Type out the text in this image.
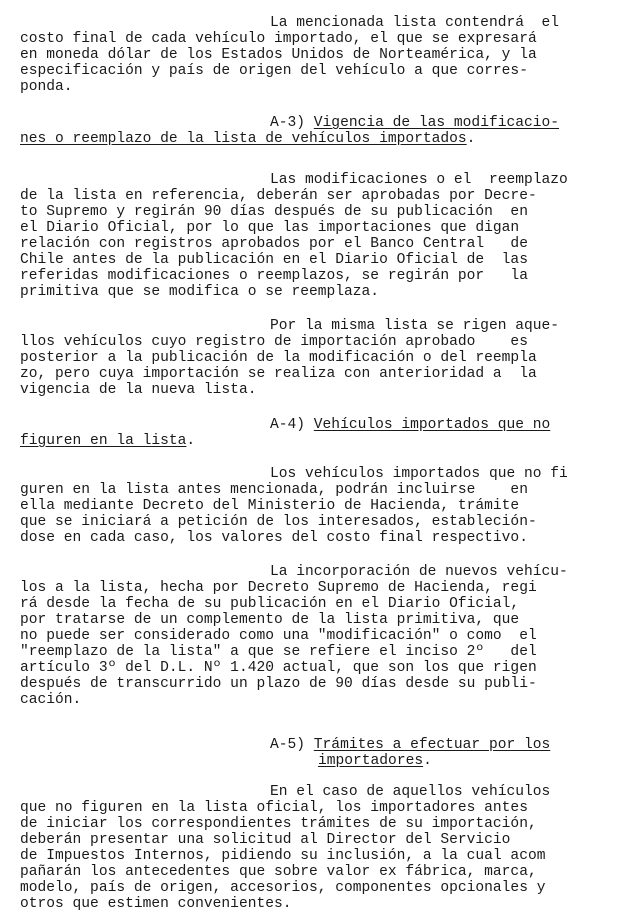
La mencionada lista contendrá  el

costo final de cada vehículo importado, el que se expresará

en moneda dólar de los Estados Unidos de Norteamérica, y la

especificación y país de origen del vehículo a que corres-

ponda.

A-3) Vigencia de las modificacio-

nes o reemplazo de la lista de vehículos importados.

Las modificaciones o el  reemplazo

de la lista en referencia, deberán ser aprobadas por Decre-

to Supremo y regirán 90 días después de su publicación  en

el Diario Oficial, por lo que las importaciones que digan

relación con registros aprobados por el Banco Central   de

Chile antes de la publicación en el Diario Oficial de  las

referidas modificaciones o reemplazos, se regirán por   la

primitiva que se modifica o se reemplaza.

Por la misma lista se rigen aque-

llos vehículos cuyo registro de importación aprobado    es

posterior a la publicación de la modificación o del reempla

zo, pero cuya importación se realiza con anterioridad a  la

vigencia de la nueva lista.

A-4) Vehículos importados que no

figuren en la lista.

Los vehículos importados que no fi

guren en la lista antes mencionada, podrán incluirse    en

ella mediante Decreto del Ministerio de Hacienda, trámite

que se iniciará a petición de los interesados, estableción-

dose en cada caso, los valores del costo final respectivo.

La incorporación de nuevos vehícu-

los a la lista, hecha por Decreto Supremo de Hacienda, regi

rá desde la fecha de su publicación en el Diario Oficial,

por tratarse de un complemento de la lista primitiva, que

no puede ser considerado como una "modificación" o como  el

"reemplazo de la lista" a que se refiere el inciso 2º   del

artículo 3º del D.L. Nº 1.420 actual, que son los que rigen

después de transcurrido un plazo de 90 días desde su publi-

cación.

A-5) Trámites a efectuar por los

importadores.

En el caso de aquellos vehículos

que no figuren en la lista oficial, los importadores antes

de iniciar los correspondientes trámites de su importación,

deberán presentar una solicitud al Director del Servicio

de Impuestos Internos, pidiendo su inclusión, a la cual acom

pañarán los antecedentes que sobre valor ex fábrica, marca,

modelo, país de origen, accesorios, componentes opcionales y

otros que estimen convenientes.
